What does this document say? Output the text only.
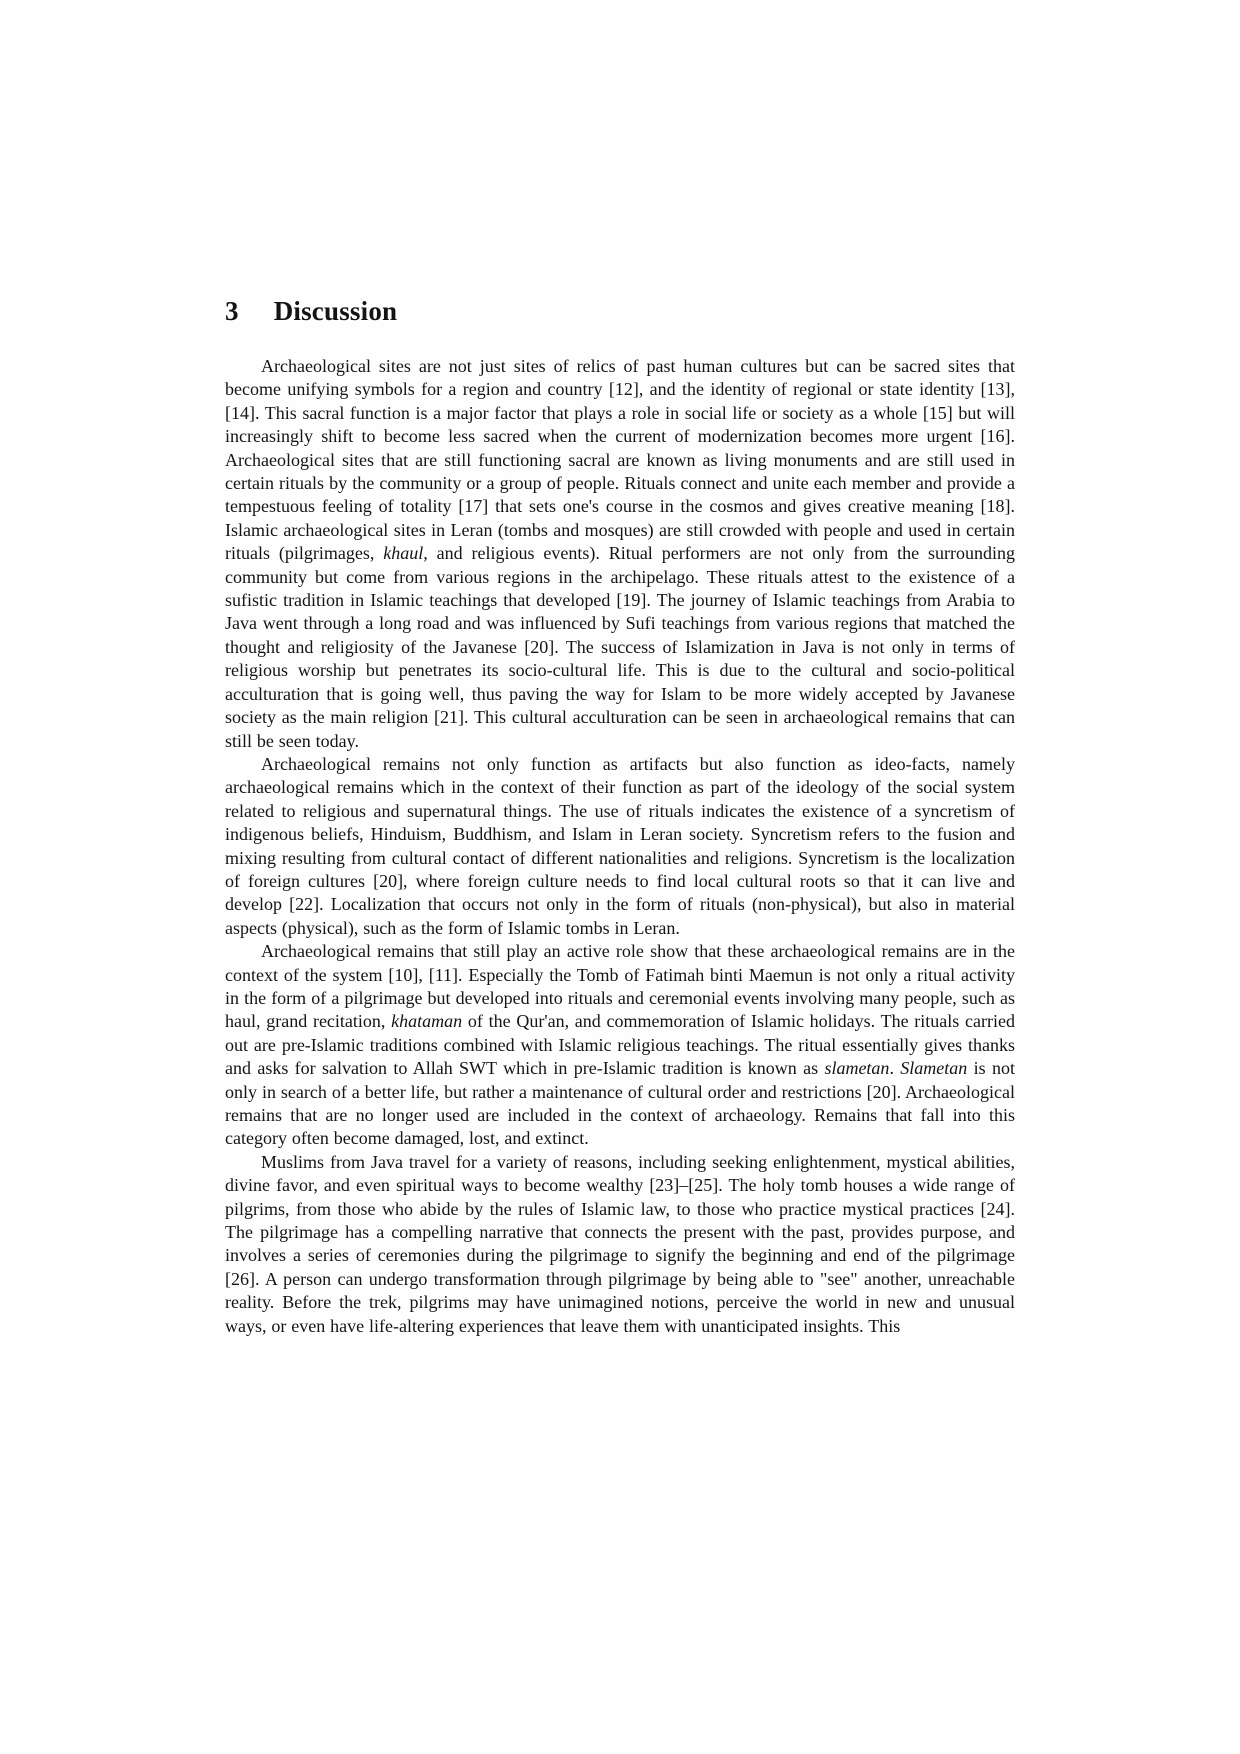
3 Discussion

Archaeological sites are not just sites of relics of past human cultures but can be sacred sites that become unifying symbols for a region and country [12], and the identity of regional or state identity [13], [14]. This sacral function is a major factor that plays a role in social life or society as a whole [15] but will increasingly shift to become less sacred when the current of modernization becomes more urgent [16]. Archaeological sites that are still functioning sacral are known as living monuments and are still used in certain rituals by the community or a group of people. Rituals connect and unite each member and provide a tempestuous feeling of totality [17] that sets one's course in the cosmos and gives creative meaning [18]. Islamic archaeological sites in Leran (tombs and mosques) are still crowded with people and used in certain rituals (pilgrimages, khaul, and religious events). Ritual performers are not only from the surrounding community but come from various regions in the archipelago. These rituals attest to the existence of a sufistic tradition in Islamic teachings that developed [19]. The journey of Islamic teachings from Arabia to Java went through a long road and was influenced by Sufi teachings from various regions that matched the thought and religiosity of the Javanese [20]. The success of Islamization in Java is not only in terms of religious worship but penetrates its socio-cultural life. This is due to the cultural and socio-political acculturation that is going well, thus paving the way for Islam to be more widely accepted by Javanese society as the main religion [21]. This cultural acculturation can be seen in archaeological remains that can still be seen today.

Archaeological remains not only function as artifacts but also function as ideo-facts, namely archaeological remains which in the context of their function as part of the ideology of the social system related to religious and supernatural things. The use of rituals indicates the existence of a syncretism of indigenous beliefs, Hinduism, Buddhism, and Islam in Leran society. Syncretism refers to the fusion and mixing resulting from cultural contact of different nationalities and religions. Syncretism is the localization of foreign cultures [20], where foreign culture needs to find local cultural roots so that it can live and develop [22]. Localization that occurs not only in the form of rituals (non-physical), but also in material aspects (physical), such as the form of Islamic tombs in Leran.

Archaeological remains that still play an active role show that these archaeological remains are in the context of the system [10], [11]. Especially the Tomb of Fatimah binti Maemun is not only a ritual activity in the form of a pilgrimage but developed into rituals and ceremonial events involving many people, such as haul, grand recitation, khataman of the Qur'an, and commemoration of Islamic holidays. The rituals carried out are pre-Islamic traditions combined with Islamic religious teachings. The ritual essentially gives thanks and asks for salvation to Allah SWT which in pre-Islamic tradition is known as slametan. Slametan is not only in search of a better life, but rather a maintenance of cultural order and restrictions [20]. Archaeological remains that are no longer used are included in the context of archaeology. Remains that fall into this category often become damaged, lost, and extinct.

Muslims from Java travel for a variety of reasons, including seeking enlightenment, mystical abilities, divine favor, and even spiritual ways to become wealthy [23]–[25]. The holy tomb houses a wide range of pilgrims, from those who abide by the rules of Islamic law, to those who practice mystical practices [24]. The pilgrimage has a compelling narrative that connects the present with the past, provides purpose, and involves a series of ceremonies during the pilgrimage to signify the beginning and end of the pilgrimage [26]. A person can undergo transformation through pilgrimage by being able to "see" another, unreachable reality. Before the trek, pilgrims may have unimagined notions, perceive the world in new and unusual ways, or even have life-altering experiences that leave them with unanticipated insights. This
